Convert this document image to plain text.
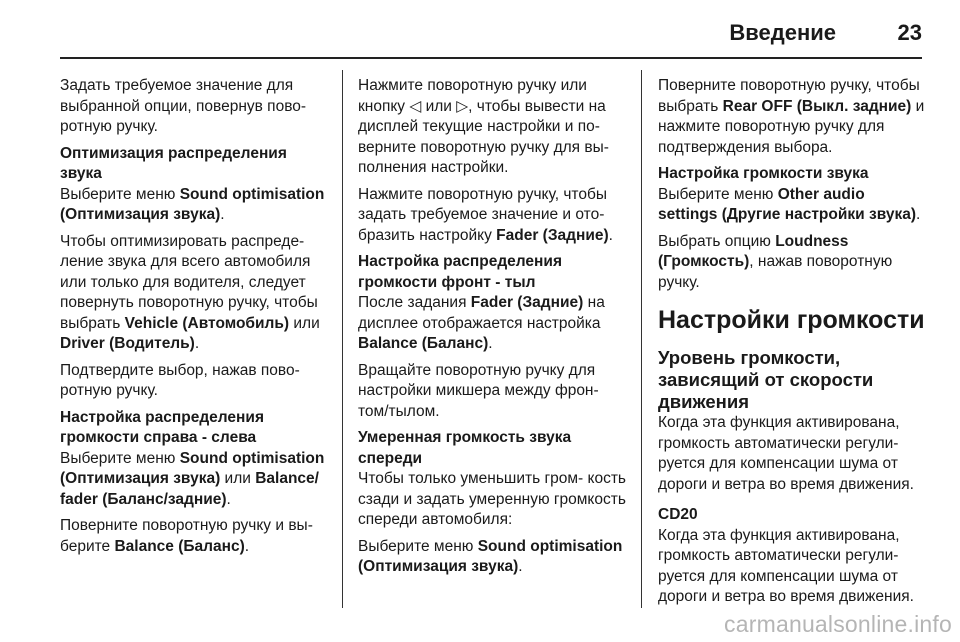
Введение	23

Задать требуемое значение для выбранной опции, повернув пово- ротную ручку.

Оптимизация распределения звука

Выберите меню Sound optimisation (Оптимизация звука).

Чтобы оптимизировать распреде- ление звука для всего автомобиля или только для водителя, следует повернуть поворотную ручку, чтобы выбрать Vehicle (Автомобиль) или Driver (Водитель).

Подтвердите выбор, нажав пово- ротную ручку.

Настройка распределения громкости справа - слева

Выберите меню Sound optimisation (Оптимизация звука) или Balance/ fader (Баланс/задние).

Поверните поворотную ручку и вы- берите Balance (Баланс).

Нажмите поворотную ручку или кнопку ◁ или ▷, чтобы вывести на дисплей текущие настройки и по- верните поворотную ручку для вы- полнения настройки.

Нажмите поворотную ручку, чтобы задать требуемое значение и ото- бразить настройку Fader (Задние).

Настройка распределения громкости фронт - тыл

После задания Fader (Задние) на дисплее отображается настройка Balance (Баланс).

Вращайте поворотную ручку для настройки микшера между фрон- том/тылом.

Умеренная громкость звука спереди

Чтобы только уменьшить гром- кость сзади и задать умеренную громкость спереди автомобиля:

Выберите меню Sound optimisation (Оптимизация звука).

Поверните поворотную ручку, чтобы выбрать Rear OFF (Выкл. задние) и нажмите поворотную ручку для подтверждения выбора.

Настройка громкости звука

Выберите меню Other audio settings (Другие настройки звука).

Выбрать опцию Loudness (Громкость), нажав поворотную ручку.

Настройки громкости

Уровень громкости, зависящий от скорости движения

Когда эта функция активирована, громкость автоматически регули- руется для компенсации шума от дороги и ветра во время движения.

CD20

Когда эта функция активирована, громкость автоматически регули- руется для компенсации шума от дороги и ветра во время движения.

carmanualsonline.info
